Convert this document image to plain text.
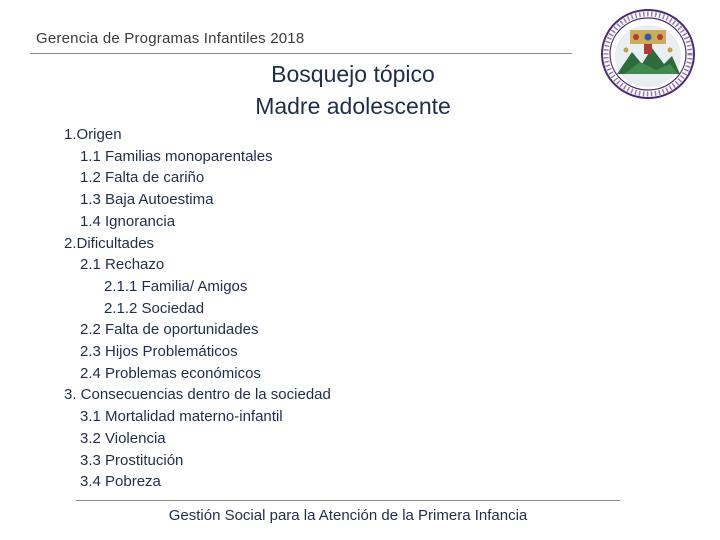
Gerencia de Programas Infantiles 2018
Bosquejo tópico
Madre adolescente
1.Origen
1.1 Familias monoparentales
1.2 Falta de cariño
1.3 Baja Autoestima
1.4 Ignorancia
2.Dificultades
2.1 Rechazo
2.1.1 Familia/ Amigos
2.1.2 Sociedad
2.2 Falta de oportunidades
2.3 Hijos Problemáticos
2.4 Problemas económicos
3. Consecuencias dentro de la sociedad
3.1 Mortalidad materno-infantil
3.2 Violencia
3.3 Prostitución
3.4 Pobreza
Gestión Social para la Atención de la Primera Infancia
